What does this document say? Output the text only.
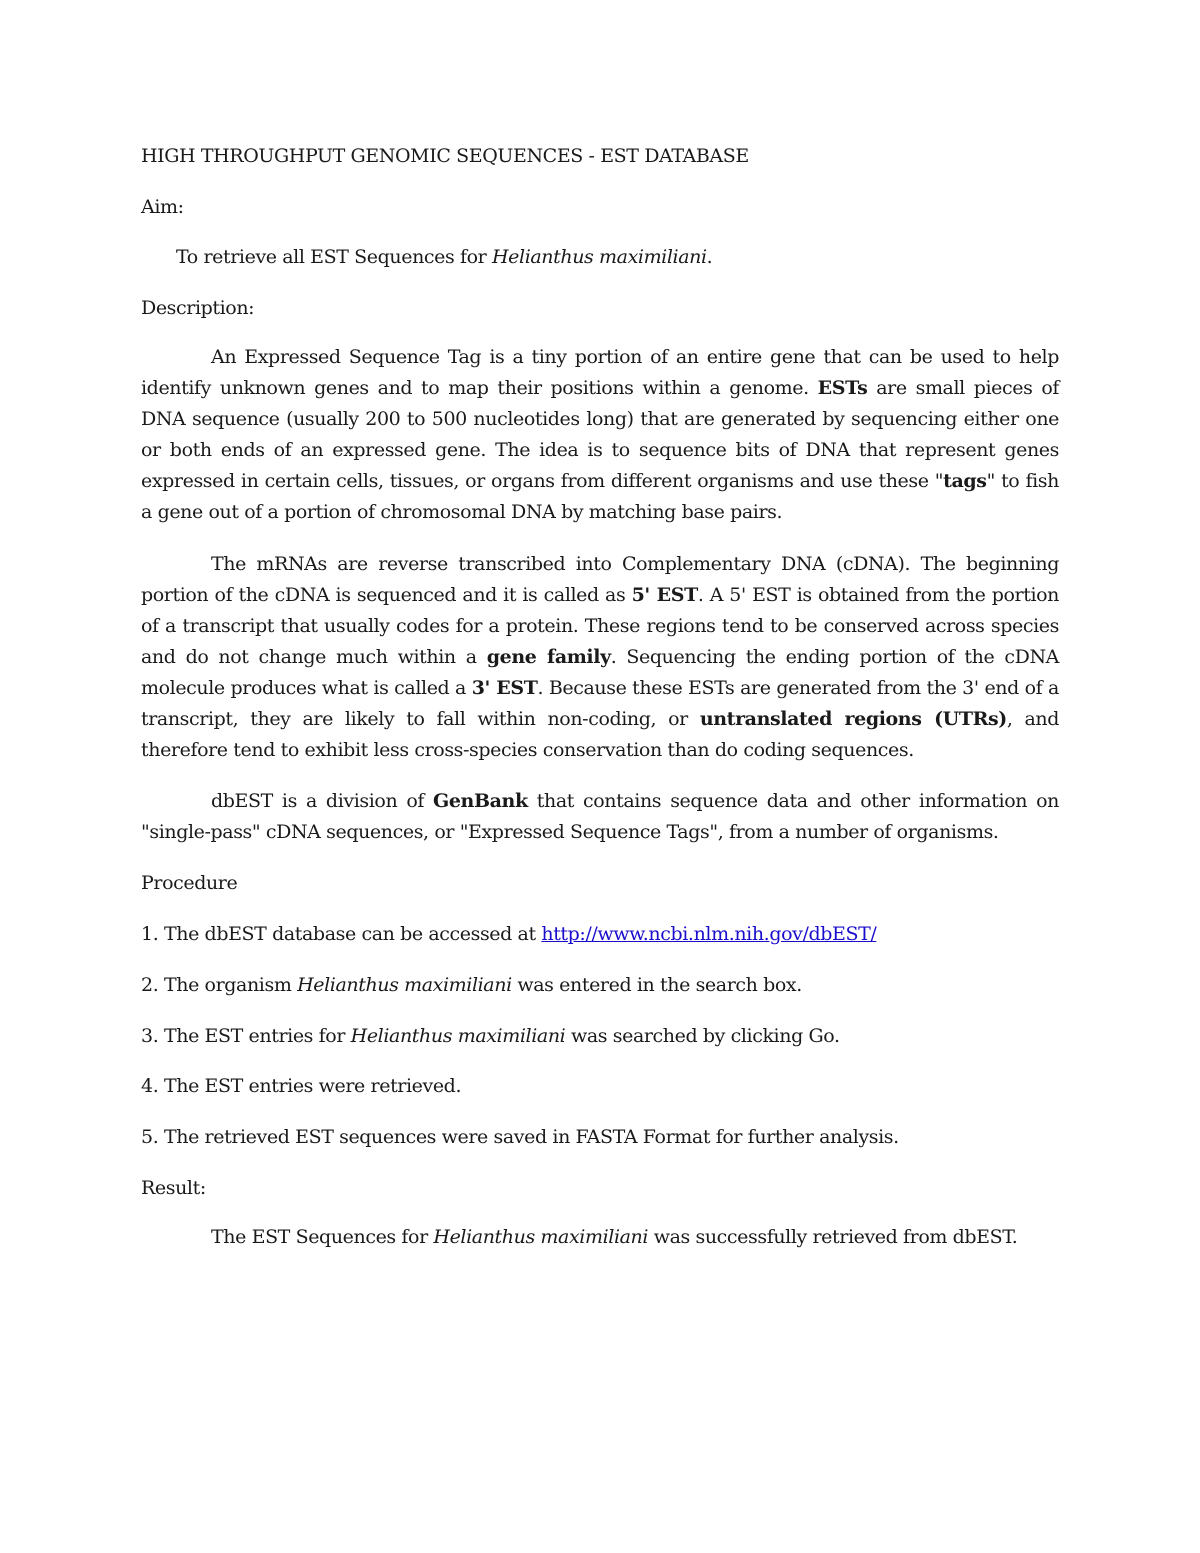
HIGH THROUGHPUT GENOMIC SEQUENCES - EST DATABASE

Aim:

To retrieve all EST Sequences for Helianthus maximiliani.

Description:

An Expressed Sequence Tag is a tiny portion of an entire gene that can be used to help identify unknown genes and to map their positions within a genome. ESTs are small pieces of DNA sequence (usually 200 to 500 nucleotides long) that are generated by sequencing either one or both ends of an expressed gene. The idea is to sequence bits of DNA that represent genes expressed in certain cells, tissues, or organs from different organisms and use these "tags" to fish a gene out of a portion of chromosomal DNA by matching base pairs.

The mRNAs are reverse transcribed into Complementary DNA (cDNA). The beginning portion of the cDNA is sequenced and it is called as 5' EST. A 5' EST is obtained from the portion of a transcript that usually codes for a protein. These regions tend to be conserved across species and do not change much within a gene family. Sequencing the ending portion of the cDNA molecule produces what is called a 3' EST. Because these ESTs are generated from the 3' end of a transcript, they are likely to fall within non-coding, or untranslated regions (UTRs), and therefore tend to exhibit less cross-species conservation than do coding sequences.

dbEST is a division of GenBank that contains sequence data and other information on "single-pass" cDNA sequences, or "Expressed Sequence Tags", from a number of organisms.

Procedure

1. The dbEST database can be accessed at http://www.ncbi.nlm.nih.gov/dbEST/

2. The organism Helianthus maximiliani was entered in the search box.

3. The EST entries for Helianthus maximiliani was searched by clicking Go.

4. The EST entries were retrieved.

5. The retrieved EST sequences were saved in FASTA Format for further analysis.

Result:

The EST Sequences for Helianthus maximiliani was successfully retrieved from dbEST.
